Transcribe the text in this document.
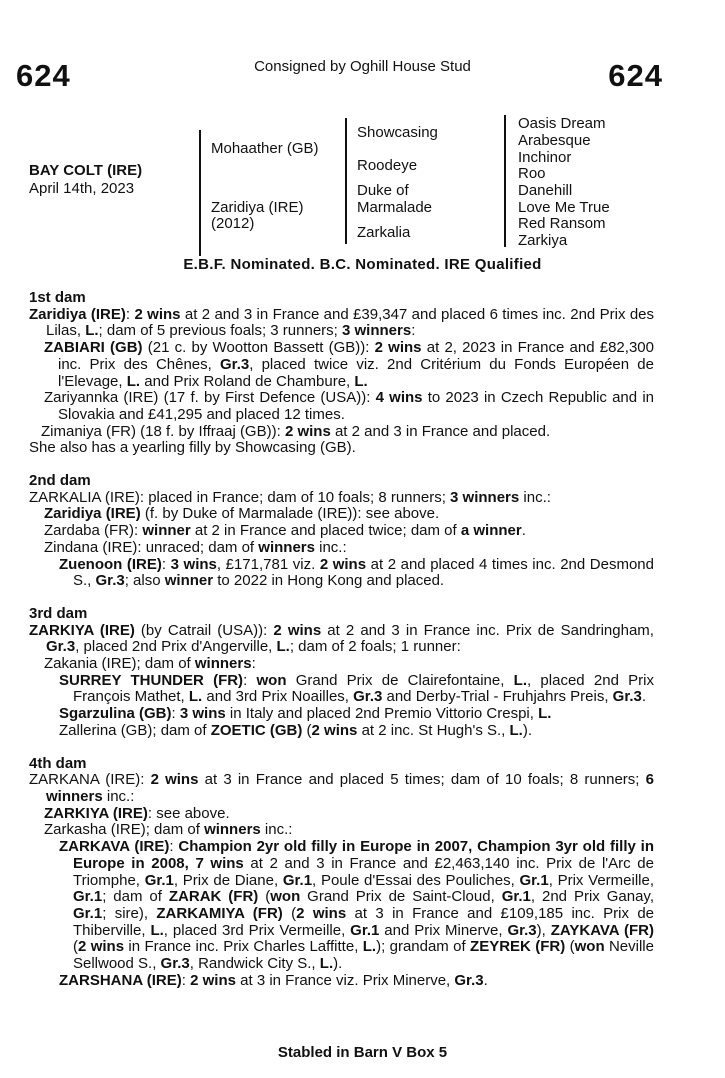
624	624
Consigned by Oghill House Stud
BAY COLT (IRE)
April 14th, 2023
Mohaather (GB)
Zaridiya (IRE)
(2012)
Showcasing
Roodeye
Duke of
Marmalade
Zarkalia
Oasis Dream
Arabesque
Inchinor
Roo
Danehill
Love Me True
Red Ransom
Zarkiya
E.B.F. Nominated. B.C. Nominated. IRE Qualified
1st dam

Zaridiya (IRE): 2 wins at 2 and 3 in France and £39,347 and placed 6 times inc. 2nd Prix des Lilas, L.; dam of 5 previous foals; 3 runners; 3 winners:

ZABIARI (GB) (21 c. by Wootton Bassett (GB)): 2 wins at 2, 2023 in France and £82,300 inc. Prix des Chênes, Gr.3, placed twice viz. 2nd Critérium du Fonds Européen de l'Elevage, L. and Prix Roland de Chambure, L.

Zariyannka (IRE) (17 f. by First Defence (USA)): 4 wins to 2023 in Czech Republic and in Slovakia and £41,295 and placed 12 times.

Zimaniya (FR) (18 f. by Iffraaj (GB)): 2 wins at 2 and 3 in France and placed.

She also has a yearling filly by Showcasing (GB).

2nd dam

ZARKALIA (IRE): placed in France; dam of 10 foals; 8 runners; 3 winners inc.:

Zaridiya (IRE) (f. by Duke of Marmalade (IRE)): see above.

Zardaba (FR): winner at 2 in France and placed twice; dam of a winner.

Zindana (IRE): unraced; dam of winners inc.:

Zuenoon (IRE): 3 wins, £171,781 viz. 2 wins at 2 and placed 4 times inc. 2nd Desmond S., Gr.3; also winner to 2022 in Hong Kong and placed.

3rd dam

ZARKIYA (IRE) (by Catrail (USA)): 2 wins at 2 and 3 in France inc. Prix de Sandringham, Gr.3, placed 2nd Prix d'Angerville, L.; dam of 2 foals; 1 runner:

Zakania (IRE); dam of winners:

SURREY THUNDER (FR): won Grand Prix de Clairefontaine, L., placed 2nd Prix François Mathet, L. and 3rd Prix Noailles, Gr.3 and Derby-Trial - Fruhjahrs Preis, Gr.3.

Sgarzulina (GB): 3 wins in Italy and placed 2nd Premio Vittorio Crespi, L.

Zallerina (GB); dam of ZOETIC (GB) (2 wins at 2 inc. St Hugh's S., L.).

4th dam

ZARKANA (IRE): 2 wins at 3 in France and placed 5 times; dam of 10 foals; 8 runners; 6 winners inc.:

ZARKIYA (IRE): see above.

Zarkasha (IRE); dam of winners inc.:

ZARKAVA (IRE): Champion 2yr old filly in Europe in 2007, Champion 3yr old filly in Europe in 2008, 7 wins at 2 and 3 in France and £2,463,140 inc. Prix de l'Arc de Triomphe, Gr.1, Prix de Diane, Gr.1, Poule d'Essai des Pouliches, Gr.1, Prix Vermeille, Gr.1; dam of ZARAK (FR) (won Grand Prix de Saint-Cloud, Gr.1, 2nd Prix Ganay, Gr.1; sire), ZARKAMIYA (FR) (2 wins at 3 in France and £109,185 inc. Prix de Thiberville, L., placed 3rd Prix Vermeille, Gr.1 and Prix Minerve, Gr.3), ZAYKAVA (FR) (2 wins in France inc. Prix Charles Laffitte, L.); grandam of ZEYREK (FR) (won Neville Sellwood S., Gr.3, Randwick City S., L.).

ZARSHANA (IRE): 2 wins at 3 in France viz. Prix Minerve, Gr.3.

Stabled in Barn V Box 5
